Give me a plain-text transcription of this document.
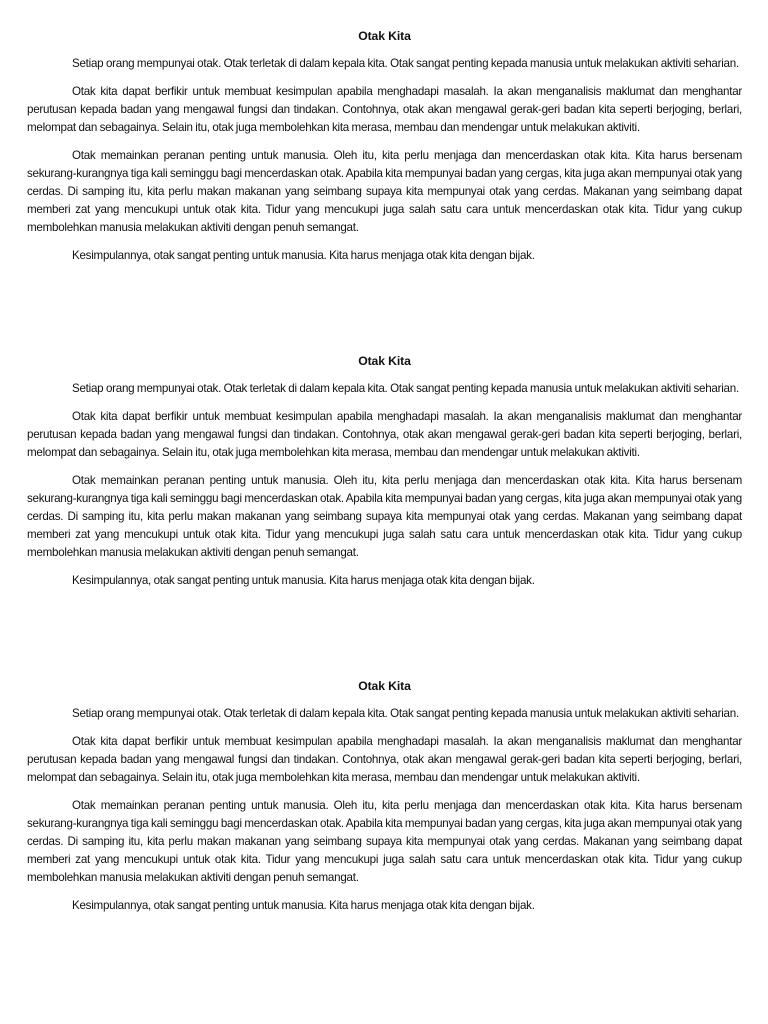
Otak Kita

Setiap orang mempunyai otak. Otak terletak di dalam kepala kita. Otak sangat penting kepada manusia untuk melakukan aktiviti seharian.

Otak kita dapat berfikir untuk membuat kesimpulan apabila menghadapi masalah. Ia akan menganalisis maklumat dan menghantar perutusan kepada badan yang mengawal fungsi dan tindakan. Contohnya, otak akan mengawal gerak-geri badan kita seperti berjoging, berlari, melompat dan sebagainya. Selain itu, otak juga membolehkan kita merasa, membau dan mendengar untuk melakukan aktiviti.

Otak memainkan peranan penting untuk manusia. Oleh itu, kita perlu menjaga dan mencerdaskan otak kita. Kita harus bersenam sekurang-kurangnya tiga kali seminggu bagi mencerdaskan otak. Apabila kita mempunyai badan yang cergas, kita juga akan mempunyai otak yang cerdas. Di samping itu, kita perlu makan makanan yang seimbang supaya kita mempunyai otak yang cerdas. Makanan yang seimbang dapat memberi zat yang mencukupi untuk otak kita. Tidur yang mencukupi juga salah satu cara untuk mencerdaskan otak kita. Tidur yang cukup membolehkan manusia melakukan aktiviti dengan penuh semangat.

Kesimpulannya, otak sangat penting untuk manusia. Kita harus menjaga otak kita dengan bijak.

Otak Kita

Setiap orang mempunyai otak. Otak terletak di dalam kepala kita. Otak sangat penting kepada manusia untuk melakukan aktiviti seharian.

Otak kita dapat berfikir untuk membuat kesimpulan apabila menghadapi masalah. Ia akan menganalisis maklumat dan menghantar perutusan kepada badan yang mengawal fungsi dan tindakan. Contohnya, otak akan mengawal gerak-geri badan kita seperti berjoging, berlari, melompat dan sebagainya. Selain itu, otak juga membolehkan kita merasa, membau dan mendengar untuk melakukan aktiviti.

Otak memainkan peranan penting untuk manusia. Oleh itu, kita perlu menjaga dan mencerdaskan otak kita. Kita harus bersenam sekurang-kurangnya tiga kali seminggu bagi mencerdaskan otak. Apabila kita mempunyai badan yang cergas, kita juga akan mempunyai otak yang cerdas. Di samping itu, kita perlu makan makanan yang seimbang supaya kita mempunyai otak yang cerdas. Makanan yang seimbang dapat memberi zat yang mencukupi untuk otak kita. Tidur yang mencukupi juga salah satu cara untuk mencerdaskan otak kita. Tidur yang cukup membolehkan manusia melakukan aktiviti dengan penuh semangat.

Kesimpulannya, otak sangat penting untuk manusia. Kita harus menjaga otak kita dengan bijak.

Otak Kita

Setiap orang mempunyai otak. Otak terletak di dalam kepala kita. Otak sangat penting kepada manusia untuk melakukan aktiviti seharian.

Otak kita dapat berfikir untuk membuat kesimpulan apabila menghadapi masalah. Ia akan menganalisis maklumat dan menghantar perutusan kepada badan yang mengawal fungsi dan tindakan. Contohnya, otak akan mengawal gerak-geri badan kita seperti berjoging, berlari, melompat dan sebagainya. Selain itu, otak juga membolehkan kita merasa, membau dan mendengar untuk melakukan aktiviti.

Otak memainkan peranan penting untuk manusia. Oleh itu, kita perlu menjaga dan mencerdaskan otak kita. Kita harus bersenam sekurang-kurangnya tiga kali seminggu bagi mencerdaskan otak. Apabila kita mempunyai badan yang cergas, kita juga akan mempunyai otak yang cerdas. Di samping itu, kita perlu makan makanan yang seimbang supaya kita mempunyai otak yang cerdas. Makanan yang seimbang dapat memberi zat yang mencukupi untuk otak kita. Tidur yang mencukupi juga salah satu cara untuk mencerdaskan otak kita. Tidur yang cukup membolehkan manusia melakukan aktiviti dengan penuh semangat.

Kesimpulannya, otak sangat penting untuk manusia. Kita harus menjaga otak kita dengan bijak.
